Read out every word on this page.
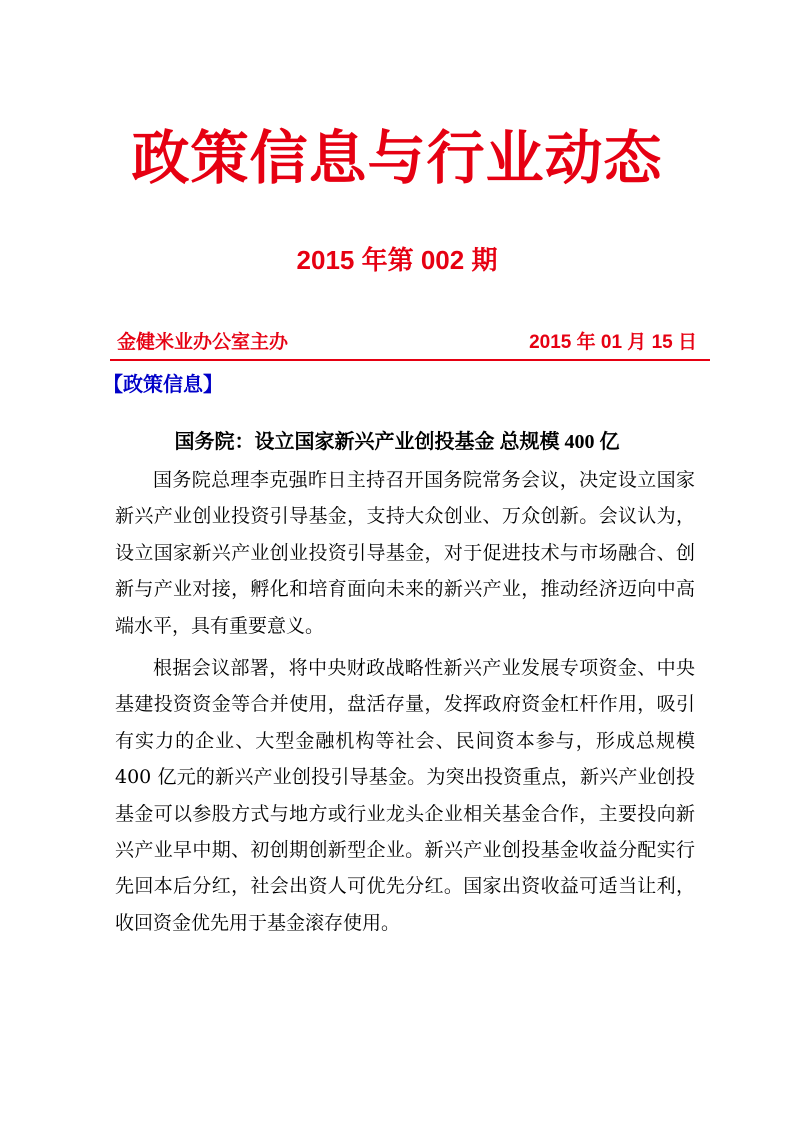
政策信息与行业动态
2015 年第 002 期
金健米业办公室主办	2015 年 01 月 15 日
【政策信息】
国务院：设立国家新兴产业创投基金 总规模 400 亿

国务院总理李克强昨日主持召开国务院常务会议，决定设立国家新兴产业创业投资引导基金，支持大众创业、万众创新。会议认为，设立国家新兴产业创业投资引导基金，对于促进技术与市场融合、创新与产业对接，孵化和培育面向未来的新兴产业，推动经济迈向中高端水平，具有重要意义。

根据会议部署，将中央财政战略性新兴产业发展专项资金、中央基建投资资金等合并使用，盘活存量，发挥政府资金杠杆作用，吸引有实力的企业、大型金融机构等社会、民间资本参与，形成总规模 400 亿元的新兴产业创投引导基金。为突出投资重点，新兴产业创投基金可以参股方式与地方或行业龙头企业相关基金合作，主要投向新兴产业早中期、初创期创新型企业。新兴产业创投基金收益分配实行先回本后分红，社会出资人可优先分红。国家出资收益可适当让利，收回资金优先用于基金滚存使用。
